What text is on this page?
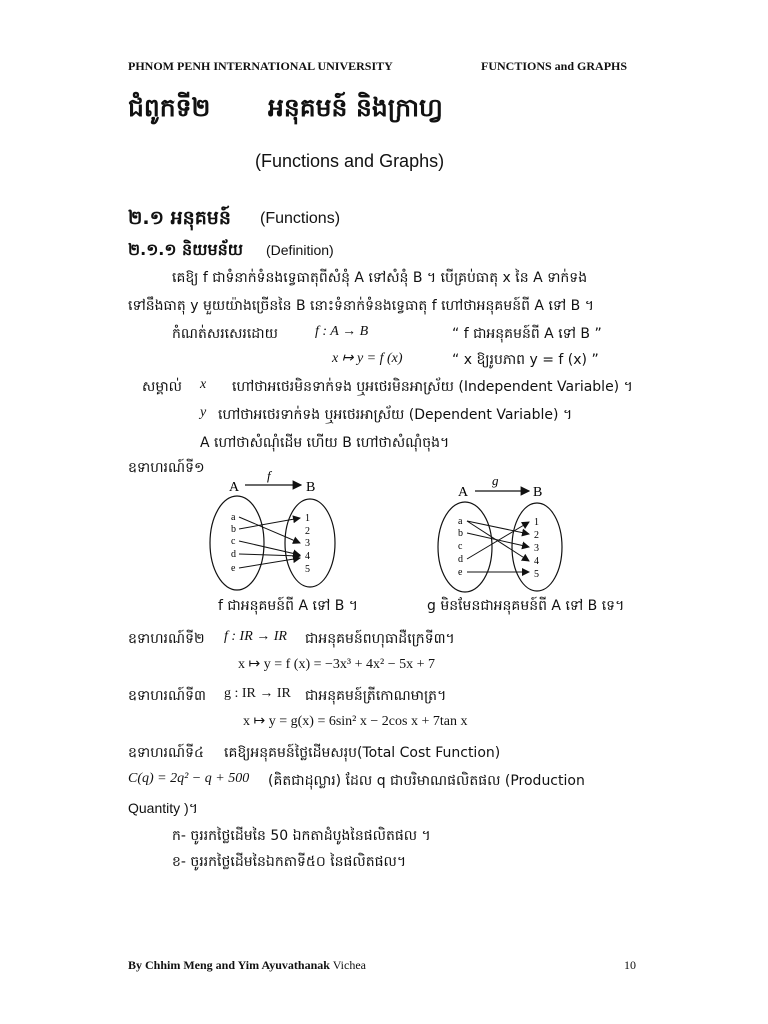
PHNOM PENH INTERNATIONAL UNIVERSITY	FUNCTIONS and GRAPHS
ជំពូកទី២ អនុគមន៍ និងក្រាហ្វ
(Functions and Graphs)
២.១ អនុគមន៍ (Functions)
២.១.១ និយមន័យ (Definition)
គេឱ្យ f ជាទំនាក់ទំនងទ្វេធាតុពីសំនុំ A ទៅសំនុំ B ។ បើគ្រប់ធាតុ x នៃ A ទាក់ទង
ទៅនឹងធាតុ y មួយយ៉ាងច្រើននៃ B នោះទំនាក់ទំនងទ្វេធាតុ f ហៅថាអនុគមន៍ពី A ទៅ B ។
កំណត់សរសេរដោយ	f : A → B	“ f ជាអនុគមន៍ពី A ទៅ B ”
x ↦ y = f (x)	“ x ឱ្យរូបភាព y = f (x) ”
សម្គាល់ x ហៅថាអថេរមិនទាក់ទង ឬអថេរមិនអាស្រ័យ (Independent Variable) ។
y ហៅថាអថេរទាក់ទង ឬអថេរអាស្រ័យ (Dependent Variable) ។
A ហៅថាសំណុំដើម ហើយ B ហៅថាសំណុំចុង។
ឧទាហរណ៍ទី១
A	B
f
a
b
c
d
e
1
2
3
4
5
A	B
g
a
b
c
d
e
1
2
3
4
5
f ជាអនុគមន៍ពី A ទៅ B ។	g មិនមែនជាអនុគមន៍ពី A ទៅ B ទេ។
ឧទាហរណ៍ទី២ f : IR → IR ជាអនុគមន៍ពហុធាដឺក្រេទី៣។
x ↦ y = f (x) = −3x³ + 4x² − 5x + 7
ឧទាហរណ៍ទី៣ g : IR → IR ជាអនុគមន៍ត្រីកោណមាត្រ។
x ↦ y = g(x) = 6sin² x − 2cos x + 7tan x
ឧទាហរណ៍ទី៤ គេឱ្យអនុគមន៍ថ្លៃដើមសរុប(Total Cost Function)
C(q) = 2q² − q + 500 (គិតជាដុល្លារ) ដែល q ជាបរិមាណផលិតផល (Production
Quantity )។
ក- ចូររកថ្លៃដើមនៃ 50 ឯកតាដំបូងនៃផលិតផល ។
ខ- ចូររកថ្លៃដើមនៃឯកតាទី៥០ នៃផលិតផល។
By Chhim Meng and Yim Ayuvathanak Vichea	10
